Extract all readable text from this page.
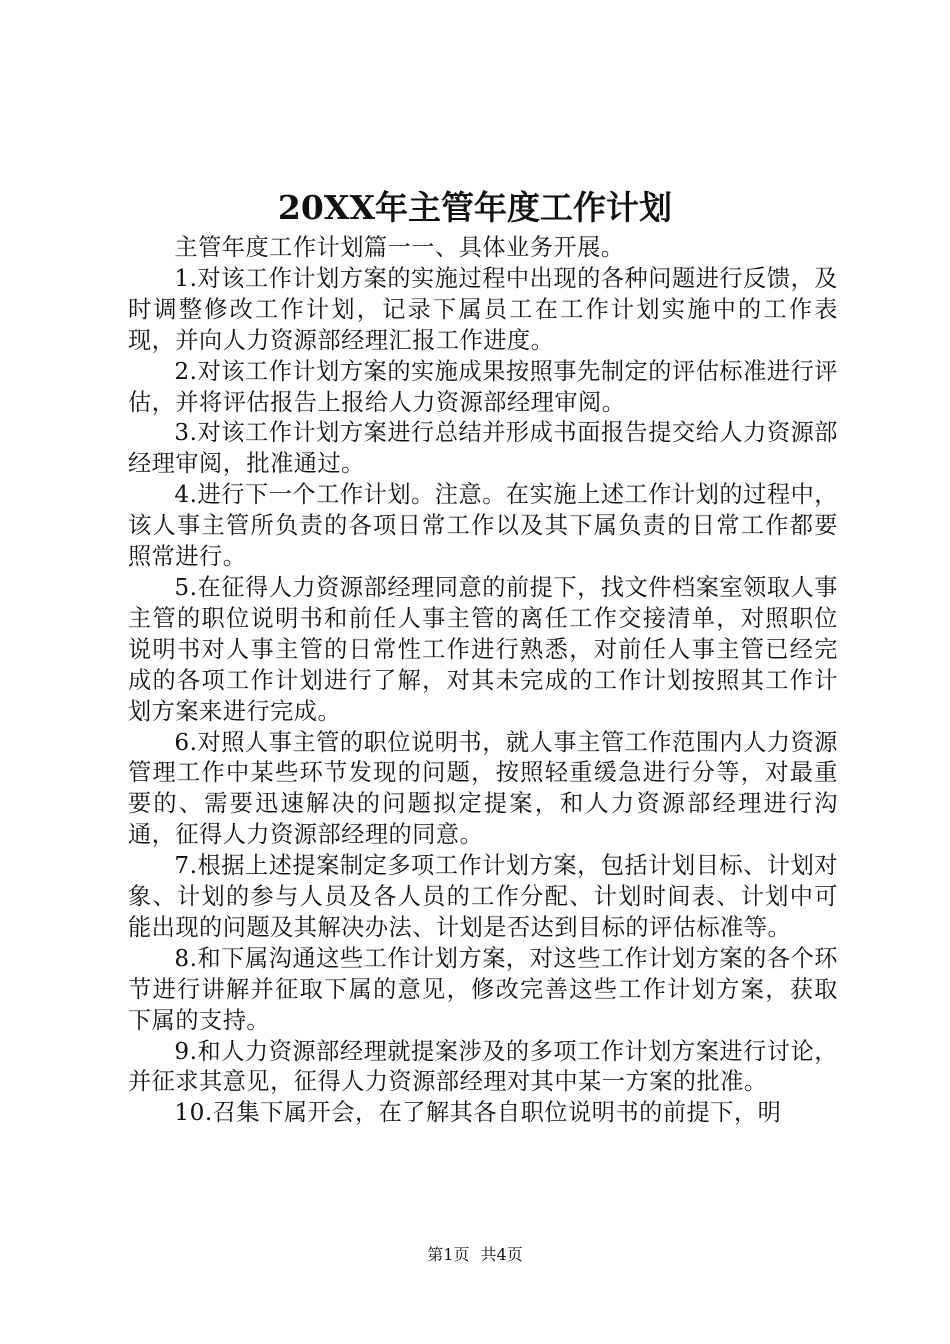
20XX年主管年度工作计划

主管年度工作计划篇一一、具体业务开展。

1.对该工作计划方案的实施过程中出现的各种问题进行反馈，及时调整修改工作计划，记录下属员工在工作计划实施中的工作表现，并向人力资源部经理汇报工作进度。

2.对该工作计划方案的实施成果按照事先制定的评估标准进行评估，并将评估报告上报给人力资源部经理审阅。

3.对该工作计划方案进行总结并形成书面报告提交给人力资源部经理审阅，批准通过。

4.进行下一个工作计划。注意。在实施上述工作计划的过程中，该人事主管所负责的各项日常工作以及其下属负责的日常工作都要照常进行。

5.在征得人力资源部经理同意的前提下，找文件档案室领取人事主管的职位说明书和前任人事主管的离任工作交接清单，对照职位说明书对人事主管的日常性工作进行熟悉，对前任人事主管已经完成的各项工作计划进行了解，对其未完成的工作计划按照其工作计划方案来进行完成。

6.对照人事主管的职位说明书，就人事主管工作范围内人力资源管理工作中某些环节发现的问题，按照轻重缓急进行分等，对最重要的、需要迅速解决的问题拟定提案，和人力资源部经理进行沟通，征得人力资源部经理的同意。

7.根据上述提案制定多项工作计划方案，包括计划目标、计划对象、计划的参与人员及各人员的工作分配、计划时间表、计划中可能出现的问题及其解决办法、计划是否达到目标的评估标准等。

8.和下属沟通这些工作计划方案，对这些工作计划方案的各个环节进行讲解并征取下属的意见，修改完善这些工作计划方案，获取下属的支持。

9.和人力资源部经理就提案涉及的多项工作计划方案进行讨论，并征求其意见，征得人力资源部经理对其中某一方案的批准。

10.召集下属开会，在了解其各自职位说明书的前提下，明

第1页 共4页
